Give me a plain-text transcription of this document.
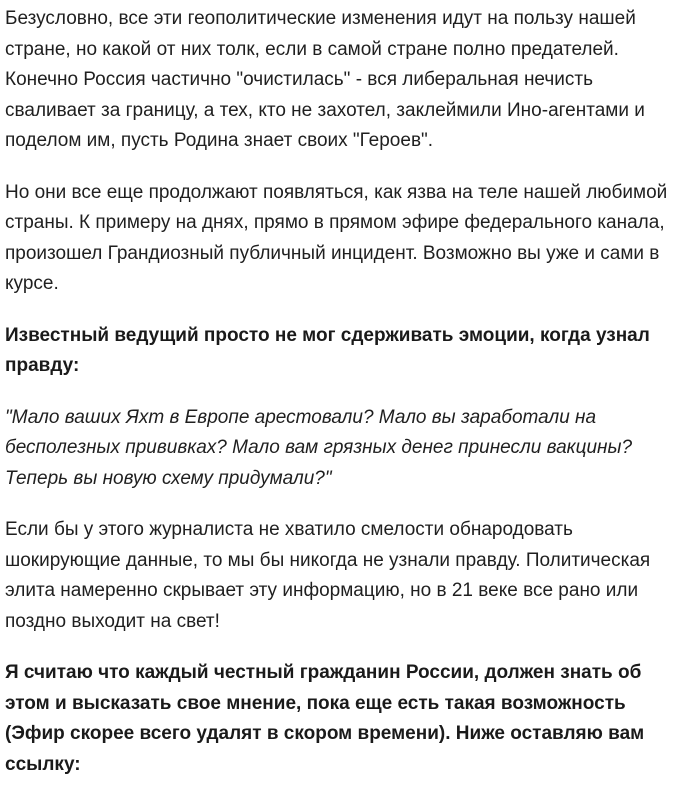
Безусловно, все эти геополитические изменения идут на пользу нашей стране, но какой от них толк, если в самой стране полно предателей. Конечно Россия частично "очистилась" - вся либеральная нечисть сваливает за границу, а тех, кто не захотел, заклеймили Ино-агентами и поделом им, пусть Родина знает своих "Героев".

Но они все еще продолжают появляться, как язва на теле нашей любимой страны. К примеру на днях, прямо в прямом эфире федерального канала, произошел Грандиозный публичный инцидент. Возможно вы уже и сами в курсе.

Известный ведущий просто не мог сдерживать эмоции, когда узнал правду:

"Мало ваших Яхт в Европе арестовали? Мало вы заработали на бесполезных прививках? Мало вам грязных денег принесли вакцины? Теперь вы новую схему придумали?"

Если бы у этого журналиста не хватило смелости обнародовать шокирующие данные, то мы бы никогда не узнали правду. Политическая элита намеренно скрывает эту информацию, но в 21 веке все рано или поздно выходит на свет!

Я считаю что каждый честный гражданин России, должен знать об этом и высказать свое мнение, пока еще есть такая возможность (Эфир скорее всего удалят в скором времени). Ниже оставляю вам ссылку:
